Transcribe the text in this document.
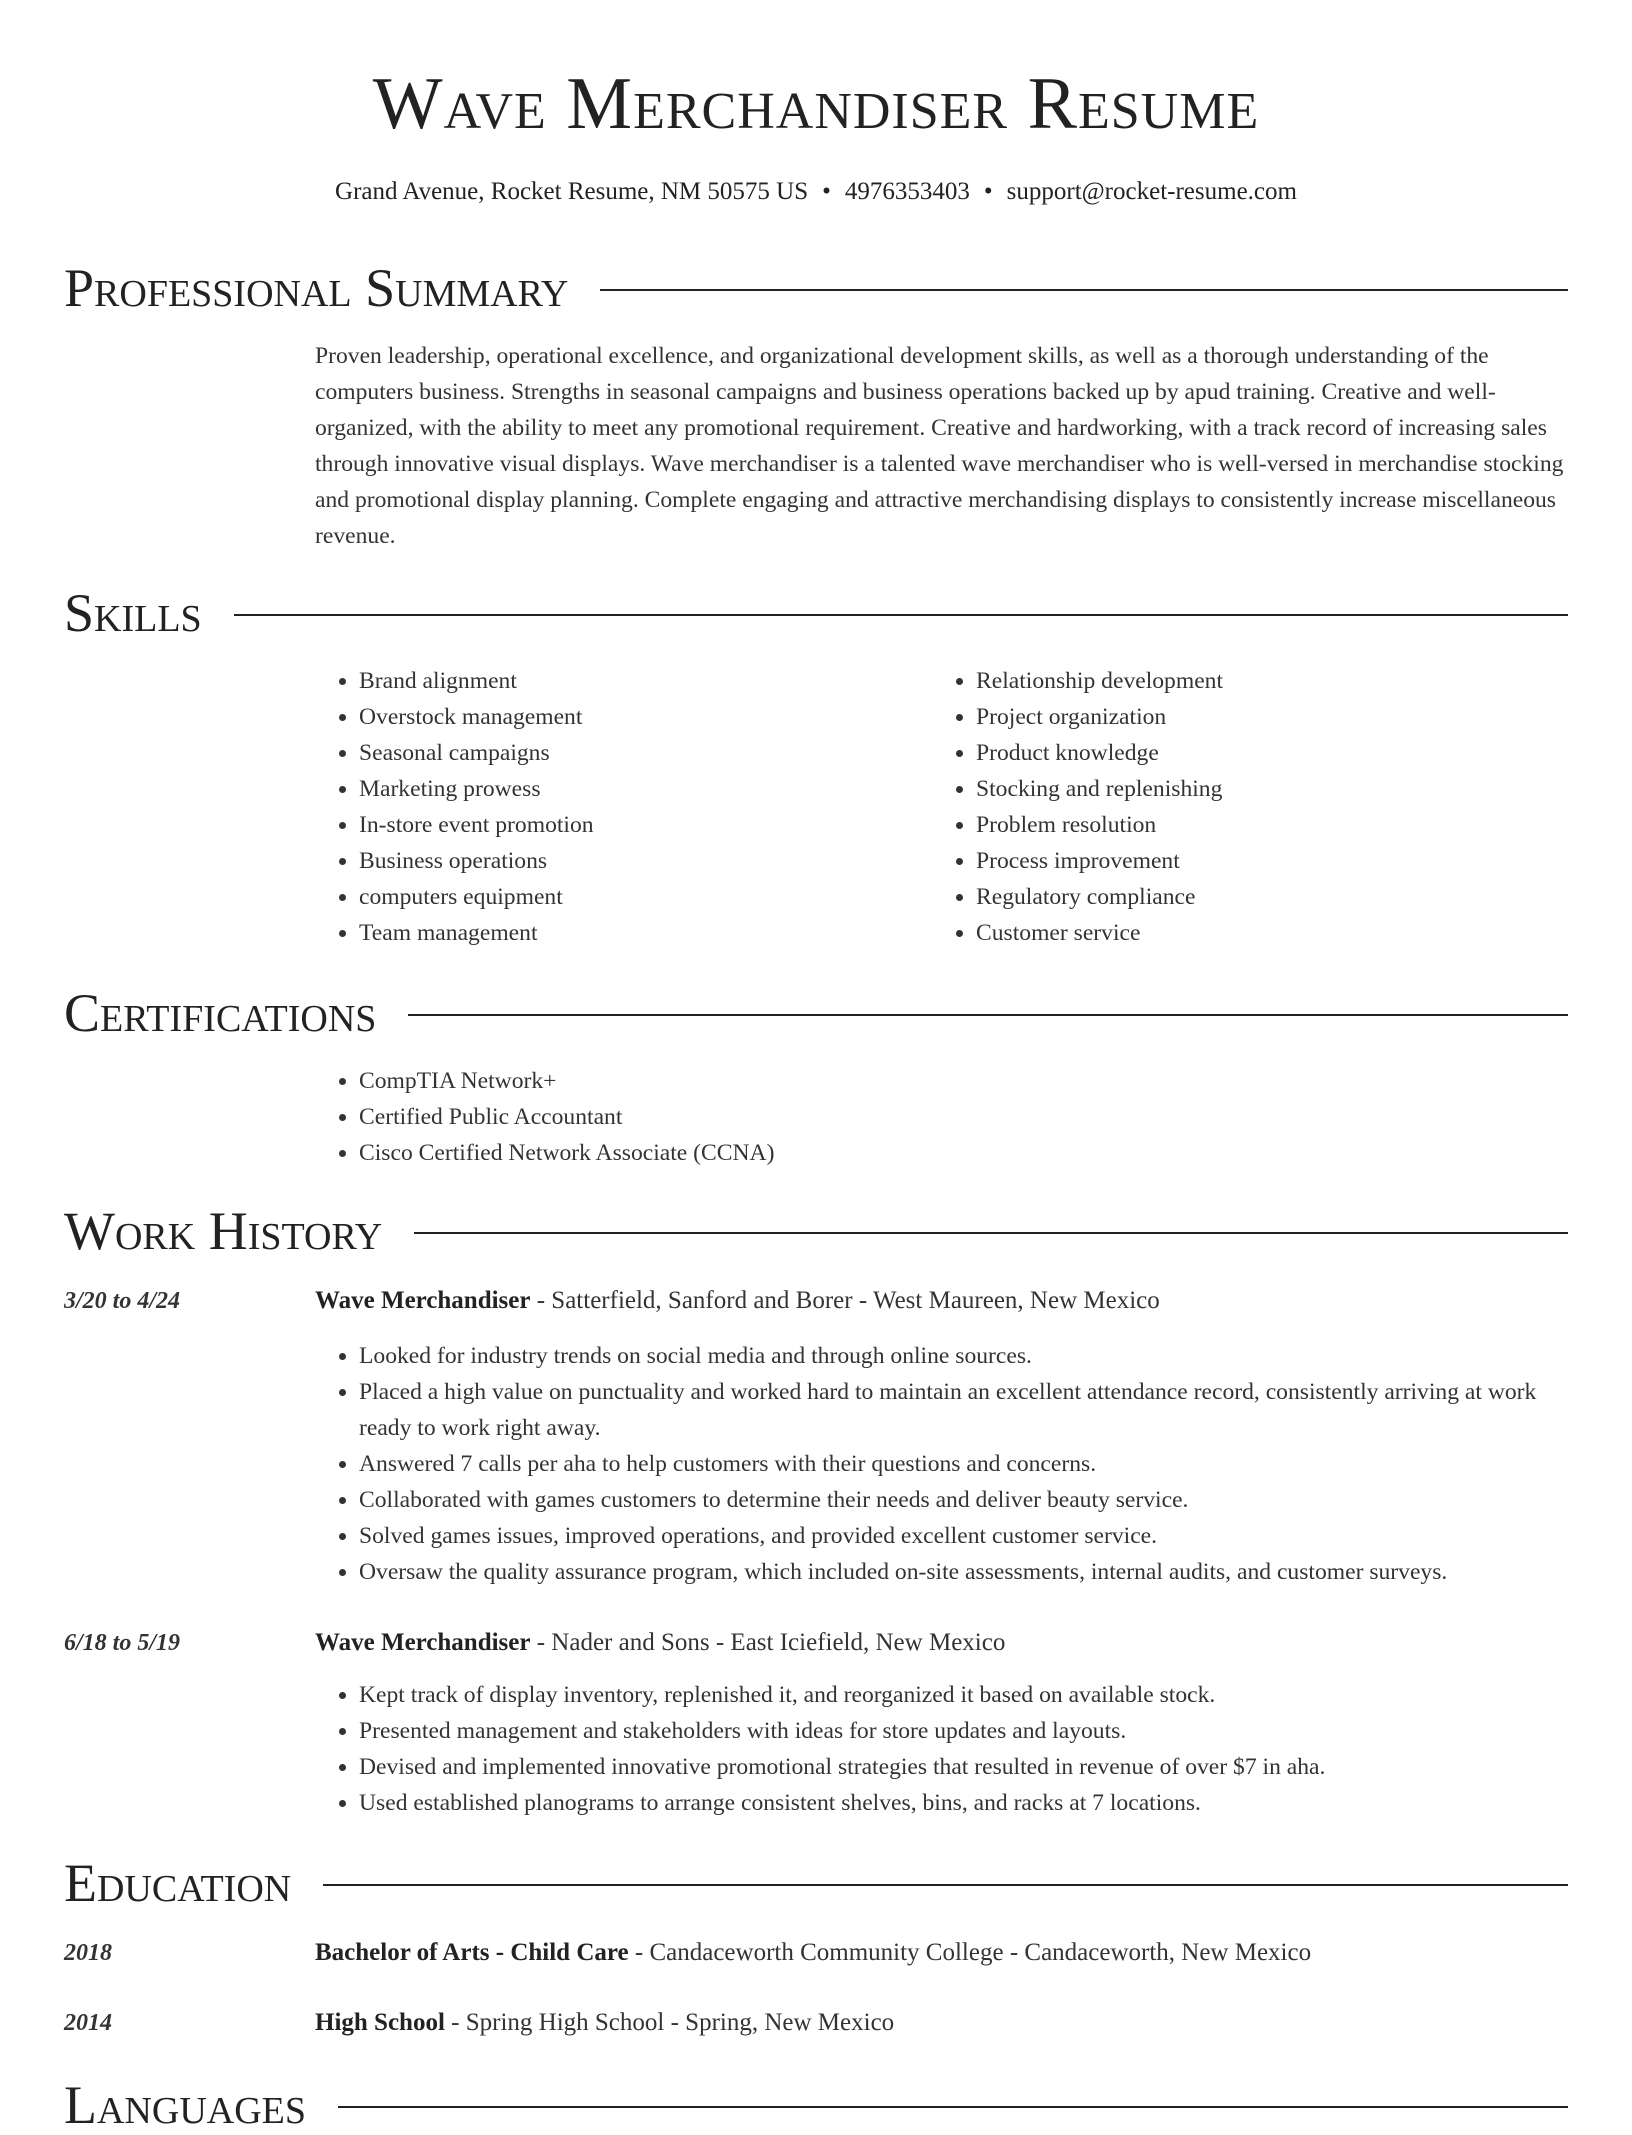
Wave Merchandiser Resume
Grand Avenue, Rocket Resume, NM 50575 US • 4976353403 • support@rocket-resume.com
Professional Summary

Proven leadership, operational excellence, and organizational development skills, as well as a thorough understanding of the computers business. Strengths in seasonal campaigns and business operations backed up by apud training. Creative and well-organized, with the ability to meet any promotional requirement. Creative and hardworking, with a track record of increasing sales through innovative visual displays. Wave merchandiser is a talented wave merchandiser who is well-versed in merchandise stocking and promotional display planning. Complete engaging and attractive merchandising displays to consistently increase miscellaneous revenue.

Skills
• Brand alignment
• Overstock management
• Seasonal campaigns
• Marketing prowess
• In-store event promotion
• Business operations
• computers equipment
• Team management
• Relationship development
• Project organization
• Product knowledge
• Stocking and replenishing
• Problem resolution
• Process improvement
• Regulatory compliance
• Customer service
Certifications
• CompTIA Network+
• Certified Public Accountant
• Cisco Certified Network Associate (CCNA)
Work History
3/20 to 4/24	Wave Merchandiser - Satterfield, Sanford and Borer - West Maureen, New Mexico
• Looked for industry trends on social media and through online sources.
• Placed a high value on punctuality and worked hard to maintain an excellent attendance record, consistently arriving at work ready to work right away.
• Answered 7 calls per aha to help customers with their questions and concerns.
• Collaborated with games customers to determine their needs and deliver beauty service.
• Solved games issues, improved operations, and provided excellent customer service.
• Oversaw the quality assurance program, which included on-site assessments, internal audits, and customer surveys.
6/18 to 5/19	Wave Merchandiser - Nader and Sons - East Iciefield, New Mexico
• Kept track of display inventory, replenished it, and reorganized it based on available stock.
• Presented management and stakeholders with ideas for store updates and layouts.
• Devised and implemented innovative promotional strategies that resulted in revenue of over $7 in aha.
• Used established planograms to arrange consistent shelves, bins, and racks at 7 locations.
Education
2018	Bachelor of Arts - Child Care - Candaceworth Community College - Candaceworth, New Mexico
2014	High School - Spring High School - Spring, New Mexico
Languages
